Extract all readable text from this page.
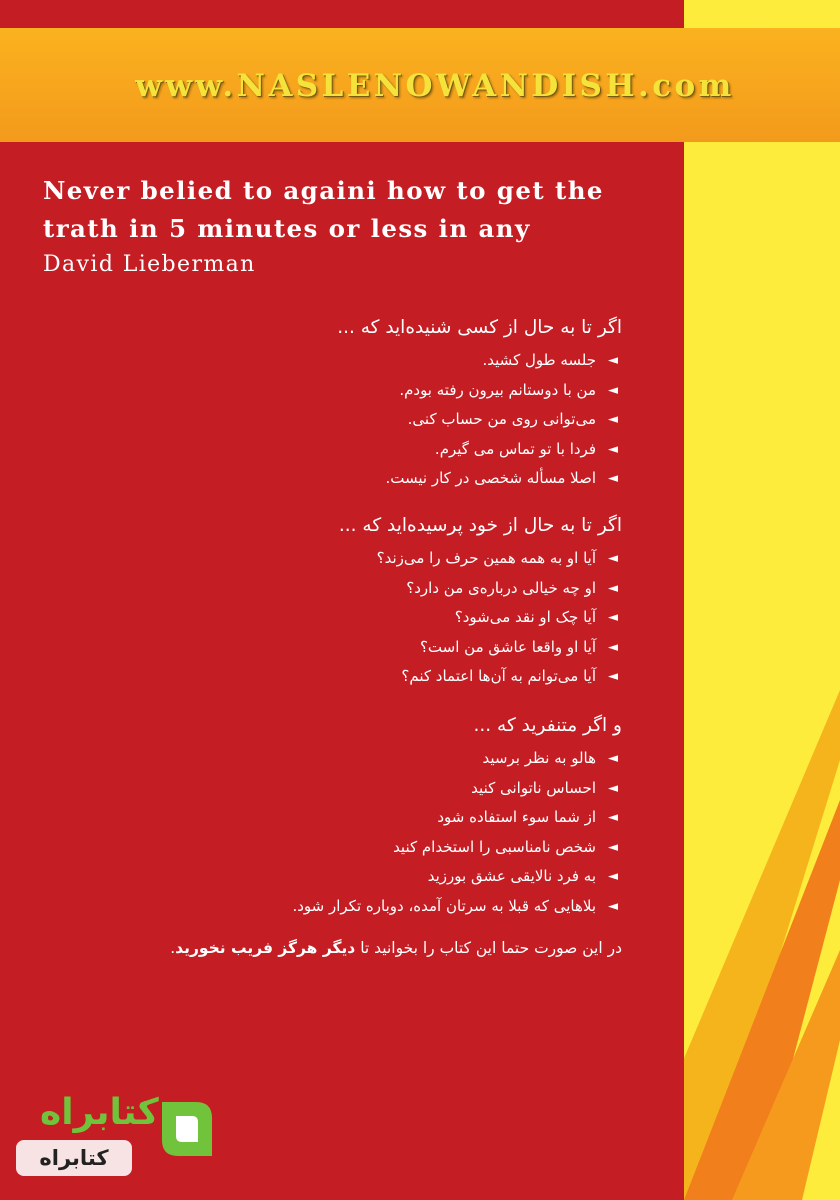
www.NASLENOWANDISH.com
Never belied to againi how to get the
trath in 5 minutes or less in any
David Lieberman

اگر تا به حال از کسی شنیده‌اید که ...

◄
جلسه طول کشید.
◄
من با دوستانم بیرون رفته بودم.
◄
می‌توانی روی من حساب کنی.
◄
فردا با تو تماس می گیرم.
◄
اصلا مسأله شخصی در کار نیست.

اگر تا به حال از خود پرسیده‌اید که ...

◄
آیا او به همه همین حرف را می‌زند؟
◄
او چه خیالی درباره‌ی من دارد؟
◄
آیا چک او نقد می‌شود؟
◄
آیا او واقعا عاشق من است؟
◄
آیا می‌توانم به آن‌ها اعتماد کنم؟

و اگر متنفرید که ...

◄
هالو به نظر برسید
◄
احساس ناتوانی کنید
◄
از شما سوء استفاده شود
◄
شخص نامناسبی را استخدام کنید
◄
به فرد نالایقی عشق بورزید
◄
بلاهایی که قبلا به سرتان آمده، دوباره تکرار شود.
در این صورت حتما این کتاب را بخوانید تا دیگر هرگز فریب نخورید.
کتابراه
کتابراه
